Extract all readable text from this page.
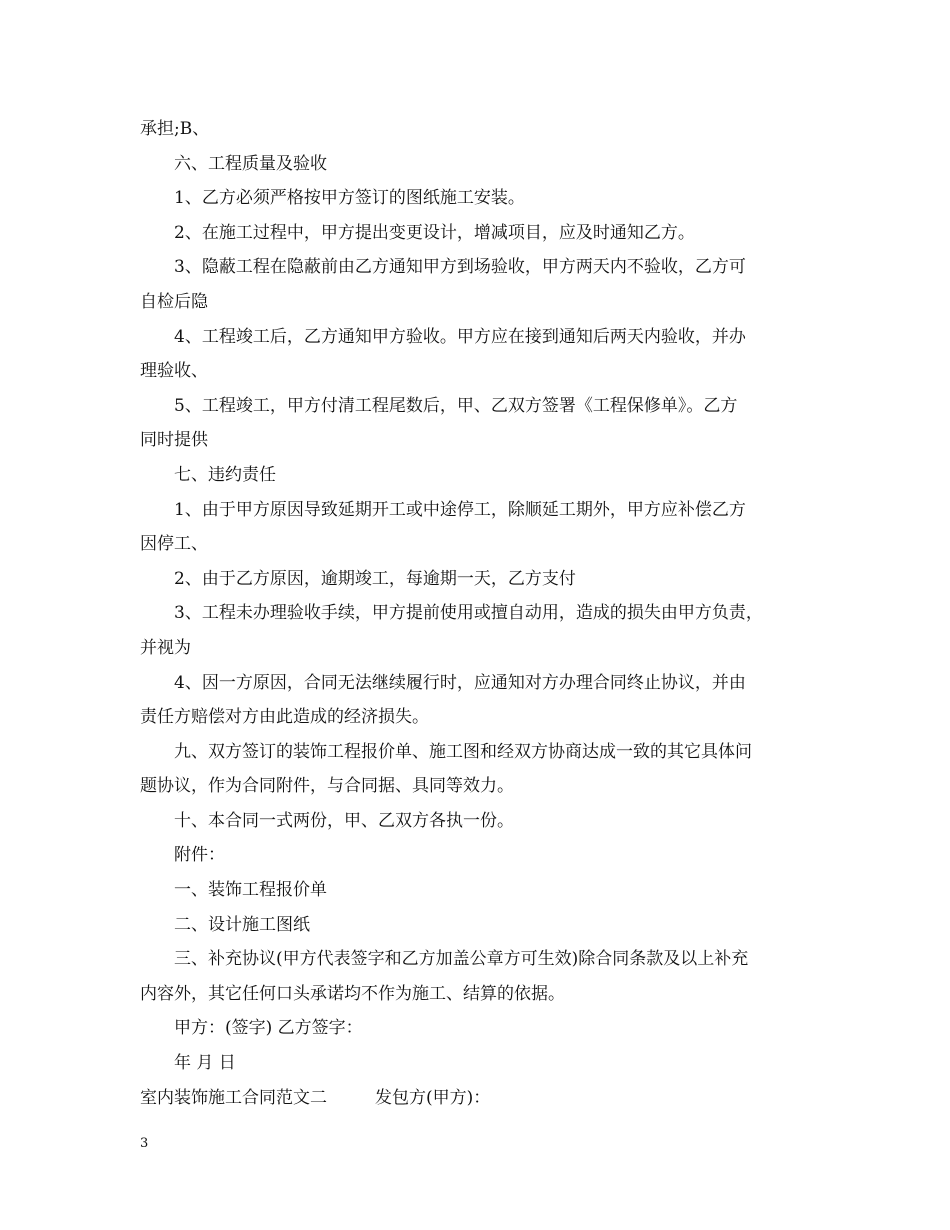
承担;B、
六、工程质量及验收
1、乙方必须严格按甲方签订的图纸施工安装。
2、在施工过程中，甲方提出变更设计，增减项目，应及时通知乙方。
3、隐蔽工程在隐蔽前由乙方通知甲方到场验收，甲方两天内不验收，乙方可
自检后隐
4、工程竣工后，乙方通知甲方验收。甲方应在接到通知后两天内验收，并办
理验收、
5、工程竣工，甲方付清工程尾数后，甲、乙双方签署《工程保修单》。乙方
同时提供
七、违约责任
1、由于甲方原因导致延期开工或中途停工，除顺延工期外，甲方应补偿乙方
因停工、
2、由于乙方原因，逾期竣工，每逾期一天，乙方支付
3、工程未办理验收手续，甲方提前使用或擅自动用，造成的损失由甲方负责，
并视为
4、因一方原因，合同无法继续履行时，应通知对方办理合同终止协议，并由
责任方赔偿对方由此造成的经济损失。
九、双方签订的装饰工程报价单、施工图和经双方协商达成一致的其它具体问
题协议，作为合同附件，与合同据、具同等效力。
十、本合同一式两份，甲、乙双方各执一份。
附件：
一、装饰工程报价单
二、设计施工图纸
三、补充协议(甲方代表签字和乙方加盖公章方可生效)除合同条款及以上补充
内容外，其它任何口头承诺均不作为施工、结算的依据。
甲方：(签字) 乙方签字：
年 月 日
室内装饰施工合同范文二	发包方(甲方)：
3
